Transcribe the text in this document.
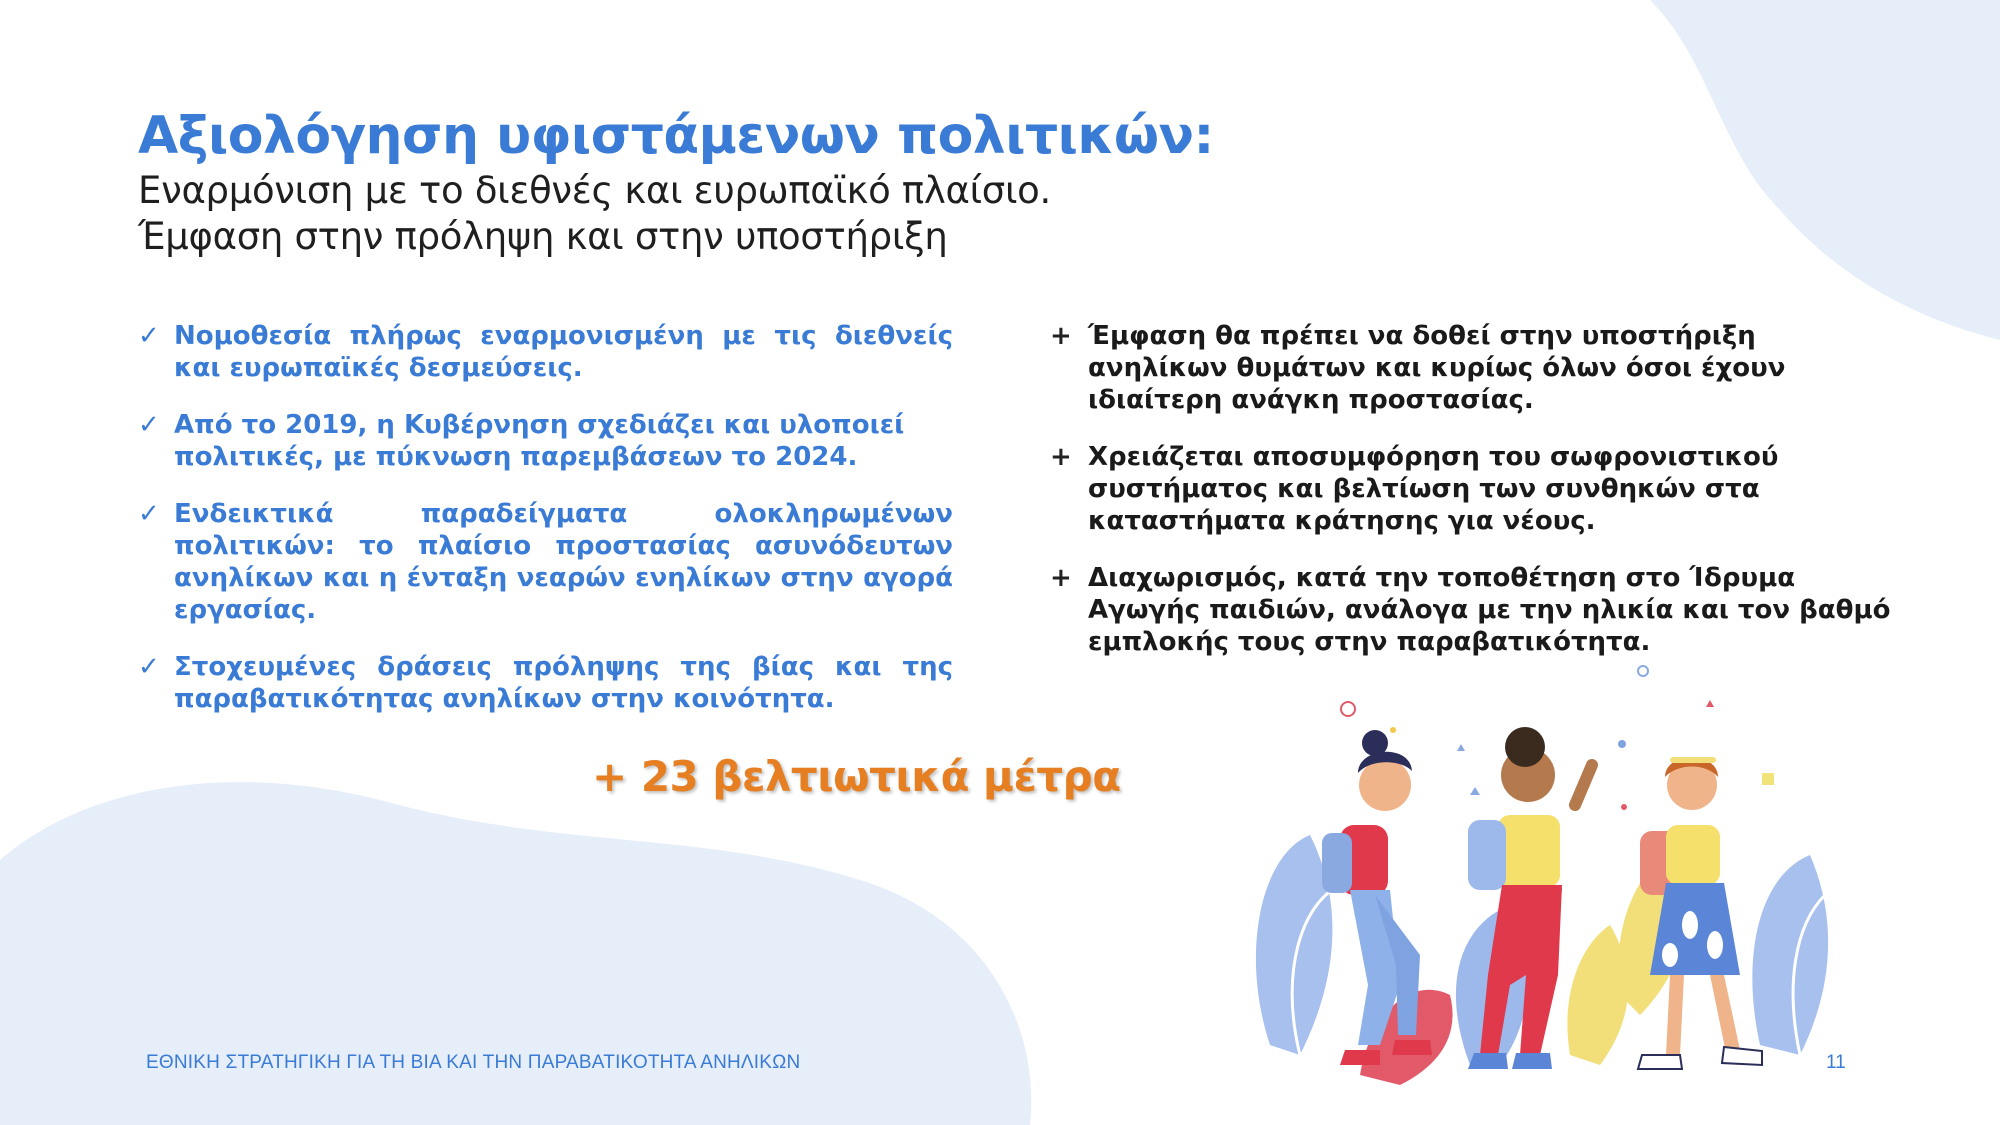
Αξιολόγηση υφιστάμενων πολιτικών:
Εναρμόνιση με το διεθνές και ευρωπαϊκό πλαίσιο.
Έμφαση στην πρόληψη και στην υποστήριξη
✓ Νομοθεσία πλήρως εναρμονισμένη με τις διεθνείς και ευρωπαϊκές δεσμεύσεις.
✓ Από το 2019, η Κυβέρνηση σχεδιάζει και υλοποιεί πολιτικές, με πύκνωση παρεμβάσεων το 2024.
✓ Ενδεικτικά παραδείγματα ολοκληρωμένων πολιτικών: το πλαίσιο προστασίας ασυνόδευτων ανηλίκων και η ένταξη νεαρών ενηλίκων στην αγορά εργασίας.
✓ Στοχευμένες δράσεις πρόληψης της βίας και της παραβατικότητας ανηλίκων στην κοινότητα.
+ Έμφαση θα πρέπει να δοθεί στην υποστήριξη ανηλίκων θυμάτων και κυρίως όλων όσοι έχουν ιδιαίτερη ανάγκη προστασίας.
+ Χρειάζεται αποσυμφόρηση του σωφρονιστικού συστήματος και βελτίωση των συνθηκών στα καταστήματα κράτησης για νέους.
+ Διαχωρισμός, κατά την τοποθέτηση στο Ίδρυμα Αγωγής παιδιών, ανάλογα με την ηλικία και τον βαθμό εμπλοκής τους στην παραβατικότητα.
+ 23 βελτιωτικά μέτρα
ΕΘΝΙΚΗ ΣΤΡΑΤΗΓΙΚΗ ΓΙΑ ΤΗ ΒΙΑ ΚΑΙ ΤΗΝ ΠΑΡΑΒΑΤΙΚΟΤΗΤΑ ΑΝΗΛΙΚΩΝ	11
